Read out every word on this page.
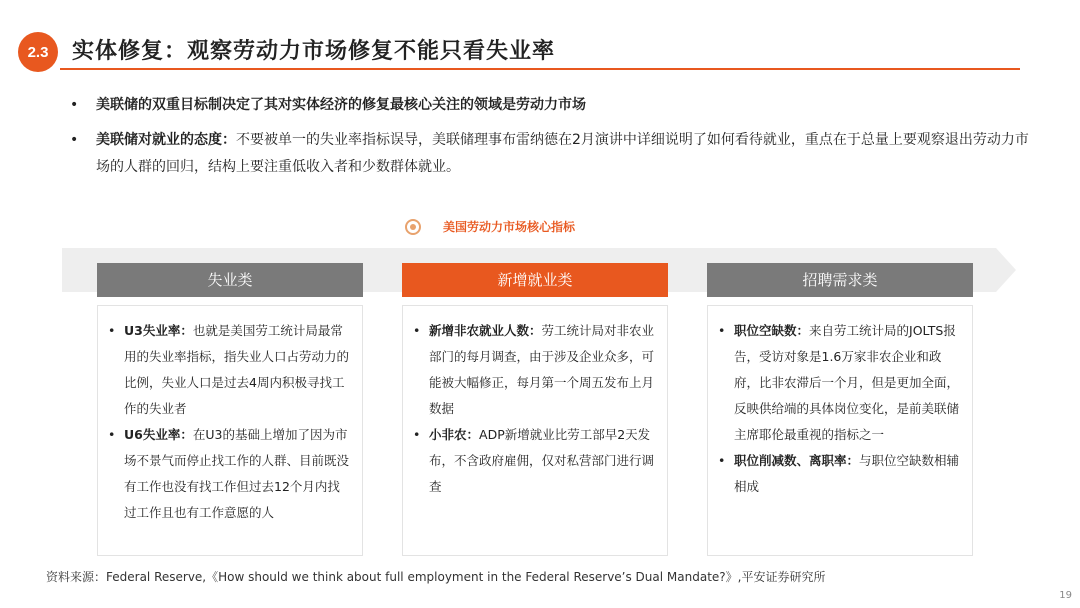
2.3	实体修复：观察劳动力市场修复不能只看失业率
• 美联储的双重目标制决定了其对实体经济的修复最核心关注的领域是劳动力市场
• 美联储对就业的态度：不要被单一的失业率指标误导，美联储理事布雷纳德在2月演讲中详细说明了如何看待就业，重点在于总量上要观察退出劳动力市场的人群的回归，结构上要注重低收入者和少数群体就业。
美国劳动力市场核心指标
失业类
• U3失业率：也就是美国劳工统计局最常用的失业率指标，指失业人口占劳动力的比例，失业人口是过去4周内积极寻找工作的失业者
• U6失业率：在U3的基础上增加了因为市场不景气而停止找工作的人群、目前既没有工作也没有找工作但过去12个月内找过工作且也有工作意愿的人
新增就业类
• 新增非农就业人数：劳工统计局对非农业部门的每月调查，由于涉及企业众多，可能被大幅修正，每月第一个周五发布上月数据
• 小非农：ADP新增就业比劳工部早2天发布，不含政府雇佣，仅对私营部门进行调查
招聘需求类
• 职位空缺数：来自劳工统计局的JOLTS报告，受访对象是1.6万家非农企业和政府，比非农滞后一个月，但是更加全面，反映供给端的具体岗位变化，是前美联储主席耶伦最重视的指标之一
• 职位削减数、离职率：与职位空缺数相辅相成
资料来源：Federal Reserve,《How should we think about full employment in the Federal Reserve’s Dual Mandate?》,平安证券研究所
19
